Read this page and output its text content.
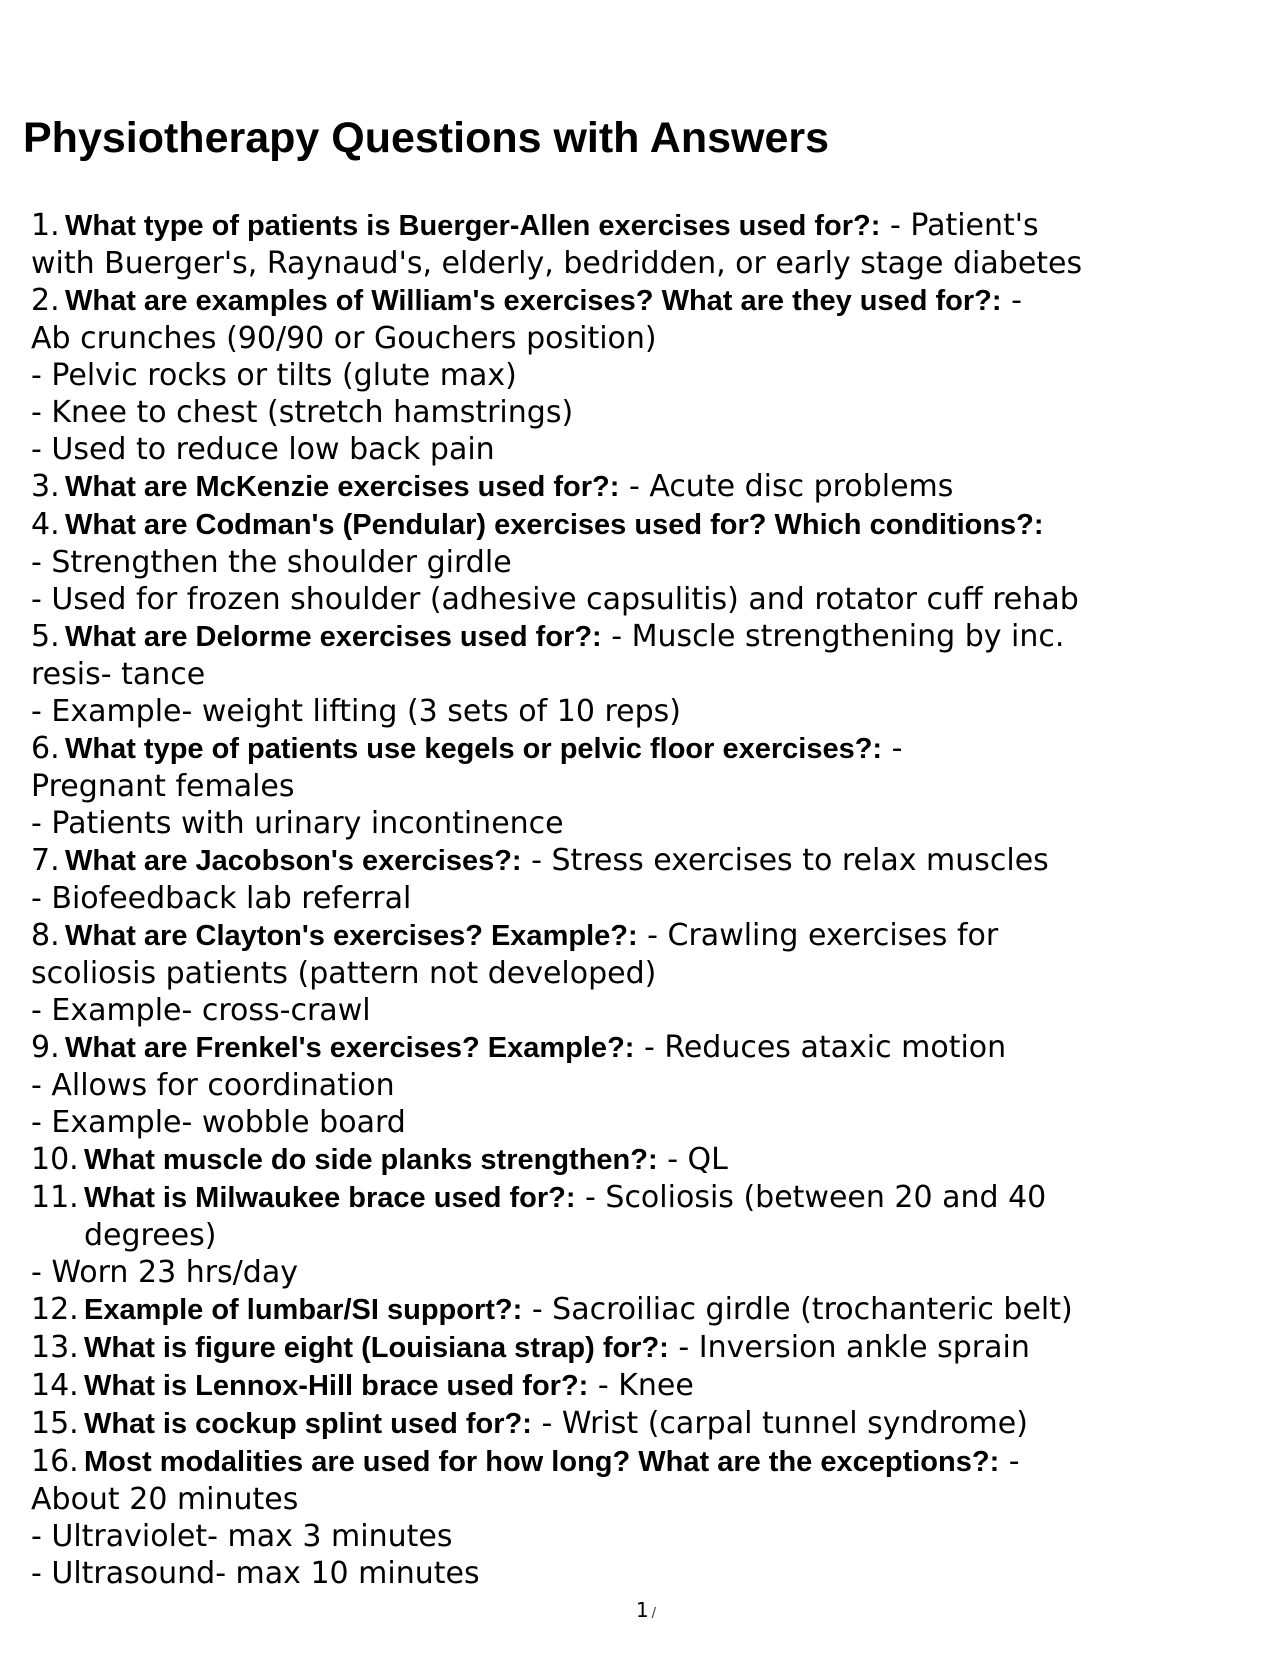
Physiotherapy Questions with Answers
1. What type of patients is Buerger-Allen exercises used for?: - Patient's
with Buerger's, Raynaud's, elderly, bedridden, or early stage diabetes
2. What are examples of William's exercises? What are they used for?: -
Ab crunches (90/90 or Gouchers position)
- Pelvic rocks or tilts (glute max)
- Knee to chest (stretch hamstrings)
- Used to reduce low back pain
3. What are McKenzie exercises used for?: - Acute disc problems
4. What are Codman's (Pendular) exercises used for? Which conditions?:
- Strengthen the shoulder girdle
- Used for frozen shoulder (adhesive capsulitis) and rotator cuff rehab
5. What are Delorme exercises used for?: - Muscle strengthening by inc.
resis- tance
- Example- weight lifting (3 sets of 10 reps)
6. What type of patients use kegels or pelvic floor exercises?: -
Pregnant females
- Patients with urinary incontinence
7. What are Jacobson's exercises?: - Stress exercises to relax muscles
- Biofeedback lab referral
8. What are Clayton's exercises? Example?: - Crawling exercises for
scoliosis patients (pattern not developed)
- Example- cross-crawl
9. What are Frenkel's exercises? Example?: - Reduces ataxic motion
- Allows for coordination
- Example- wobble board
10. What muscle do side planks strengthen?: - QL
11. What is Milwaukee brace used for?: - Scoliosis (between 20 and 40
degrees)
- Worn 23 hrs/day
12. Example of lumbar/SI support?: - Sacroiliac girdle (trochanteric belt)
13. What is figure eight (Louisiana strap) for?: - Inversion ankle sprain
14. What is Lennox-Hill brace used for?: - Knee
15. What is cockup splint used for?: - Wrist (carpal tunnel syndrome)
16. Most modalities are used for how long? What are the exceptions?: -
About 20 minutes
- Ultraviolet- max 3 minutes
- Ultrasound- max 10 minutes
1 /
